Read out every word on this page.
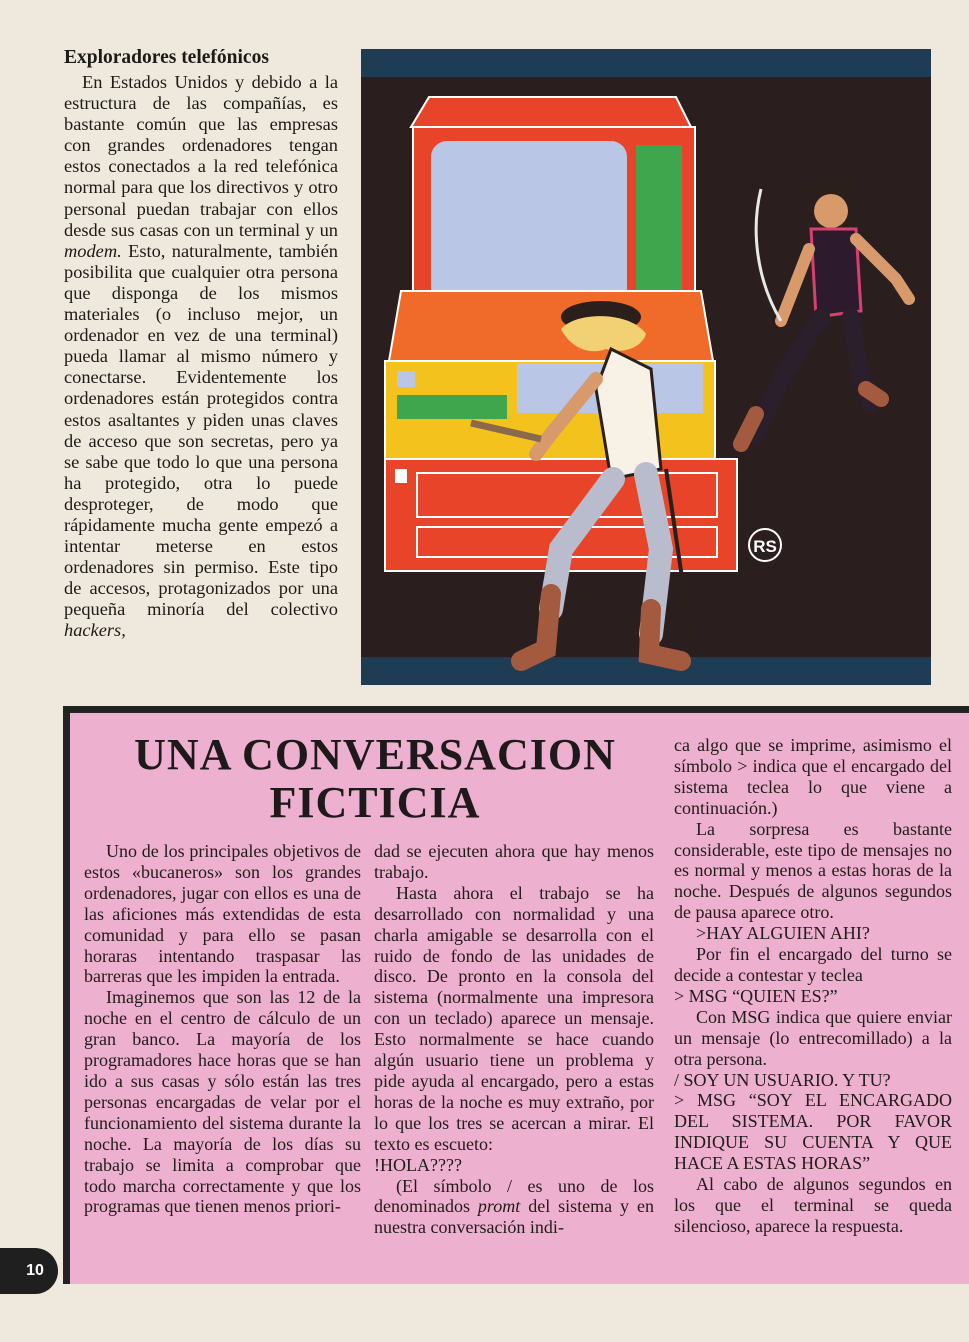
Exploradores telefónicos

En Estados Unidos y debido a la estructura de las compañías, es bastante común que las empresas con grandes ordenadores tengan estos conectados a la red telefónica normal para que los directivos y otro personal puedan trabajar con ellos desde sus casas con un terminal y un modem. Esto, naturalmente, también posibilita que cualquier otra persona que disponga de los mismos materiales (o incluso mejor, un ordenador en vez de una terminal) pueda llamar al mismo número y conectarse. Evidentemente los ordenadores están protegidos contra estos asaltantes y piden unas claves de acceso que son secretas, pero ya se sabe que todo lo que una persona ha protegido, otra lo puede desproteger, de modo que rápidamente mucha gente empezó a intentar meterse en estos ordenadores sin permiso. Este tipo de accesos, protagonizados por una pequeña minoría del colectivo hackers,

RS
UNA CONVERSACION
FICTICIA

Uno de los principales objetivos de estos «bucaneros» son los grandes ordenadores, jugar con ellos es una de las aficiones más extendidas de esta comunidad y para ello se pasan horaras intentando traspasar las barreras que les impiden la entrada.

Imaginemos que son las 12 de la noche en el centro de cálculo de un gran banco. La mayoría de los programadores hace horas que se han ido a sus casas y sólo están las tres personas encargadas de velar por el funcionamiento del sistema durante la noche. La mayoría de los días su trabajo se limita a comprobar que todo marcha correctamente y que los programas que tienen menos priori-

dad se ejecuten ahora que hay menos trabajo.

Hasta ahora el trabajo se ha desarrollado con normalidad y una charla amigable se desarrolla con el ruido de fondo de las unidades de disco. De pronto en la consola del sistema (normalmente una impresora con un teclado) aparece un mensaje. Esto normalmente se hace cuando algún usuario tiene un problema y pide ayuda al encargado, pero a estas horas de la noche es muy extraño, por lo que los tres se acercan a mirar. El texto es escueto:

!HOLA????

(El símbolo / es uno de los denominados promt del sistema y en nuestra conversación indi-

ca algo que se imprime, asimismo el símbolo > indica que el encargado del sistema teclea lo que viene a continuación.)

La sorpresa es bastante considerable, este tipo de mensajes no es normal y menos a estas horas de la noche. Después de algunos segundos de pausa aparece otro.

>HAY ALGUIEN AHI?

Por fin el encargado del turno se decide a contestar y teclea

> MSG “QUIEN ES?”

Con MSG indica que quiere enviar un mensaje (lo entrecomillado) a la otra persona.

/ SOY UN USUARIO. Y TU?

> MSG “SOY EL ENCARGADO DEL SISTEMA. POR FAVOR INDIQUE SU CUENTA Y QUE HACE A ESTAS HORAS”

Al cabo de algunos segundos en los que el terminal se queda silencioso, aparece la respuesta.

10
